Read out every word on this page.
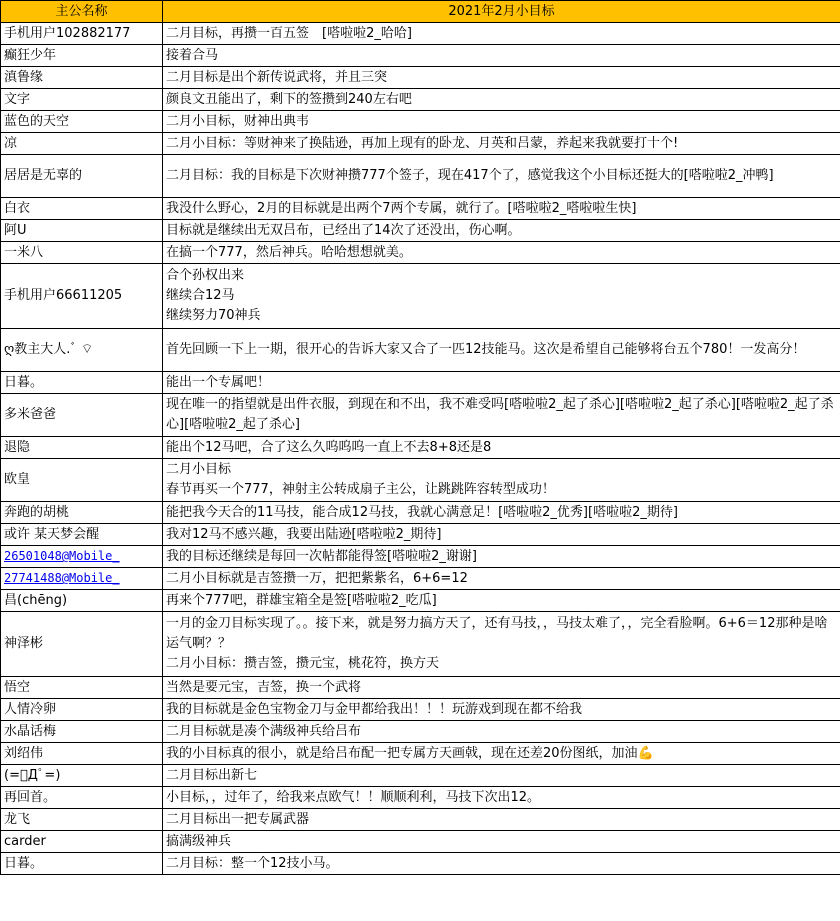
主公名称	2021年2月小目标
手机用户102882177	二月目标，再攒一百五签　[嗒啦啦2_哈哈]

癫狂少年	接着合马

滇鲁缘	二月目标是出个新传说武将，并且三突

文字	颜良文丑能出了，剩下的签攒到240左右吧

蓝色的天空	二月小目标，财神出典韦

凉	二月小目标：等财神来了换陆逊，再加上现有的卧龙、月英和吕蒙，养起来我就要打十个!

居居是无辜的	二月目标：我的目标是下次财神攒777个签子，现在417个了，感觉我这个小目标还挺大的[嗒啦啦2_冲鸭]

白衣	我没什么野心，2月的目标就是出两个7两个专属，就行了。[嗒啦啦2_嗒啦啦生快]

阿U	目标就是继续出无双吕布，已经出了14次了还没出，伤心啊。

一米八	在搞一个777，然后神兵。哈哈想想就美。

手机用户66611205	合个孙权出来
继续合12马
继续努力70神兵

ღ教主大人.ﾞ ⌔	首先回顾一下上一期，很开心的告诉大家又合了一匹12技能马。这次是希望自己能够将台五个780！一发高分！

日暮。	能出一个专属吧！

多米爸爸	现在唯一的指望就是出件衣服，到现在和不出，我不难受吗[嗒啦啦2_起了杀心][嗒啦啦2_起了杀心][嗒啦啦2_起了杀心][嗒啦啦2_起了杀心]

退隐	能出个12马吧，合了这么久呜呜呜一直上不去8+8还是8

欧皇	二月小目标
春节再买一个777，神射主公转成扇子主公，让跳跳阵容转型成功！

奔跑的胡桃	能把我今天合的11马技，能合成12马技，我就心满意足！[嗒啦啦2_优秀][嗒啦啦2_期待]

或许 某天梦会醒	我对12马不感兴趣，我要出陆逊[嗒啦啦2_期待]

26501048@Mobile_	我的目标还继续是每回一次帖都能得签[嗒啦啦2_谢谢]

27741488@Mobile_	二月小目标就是吉签攒一万，把把紫紫名，6+6=12

昌(chēng)	再来个777吧，群雄宝箱全是签[嗒啦啦2_吃瓜]

神泽彬	一月的金刀目标实现了。。接下来，就是努力搞方天了，还有马技，，马技太难了，，完全看脸啊。6+6＝12那种是啥运气啊？？
二月小目标：攒吉签，攒元宝，桃花符，换方天

悟空	当然是要元宝，吉签，换一个武将

人情冷卵	我的目标就是金色宝物金刀与金甲都给我出！！！玩游戏到现在都不给我

水晶话梅	二月目标就是凑个满级神兵给吕布

刘绍伟	我的小目标真的很小，就是给吕布配一把专属方天画戟，现在还差20份图纸，加油💪

(=ﾟДﾟ=)	二月目标出新七

再回首。	小目标，，过年了，给我来点欧气！！顺顺利利，马技下次出12。

龙飞	二月目标出一把专属武器

carder	搞满级神兵

日暮。	二月目标：整一个12技小马。
